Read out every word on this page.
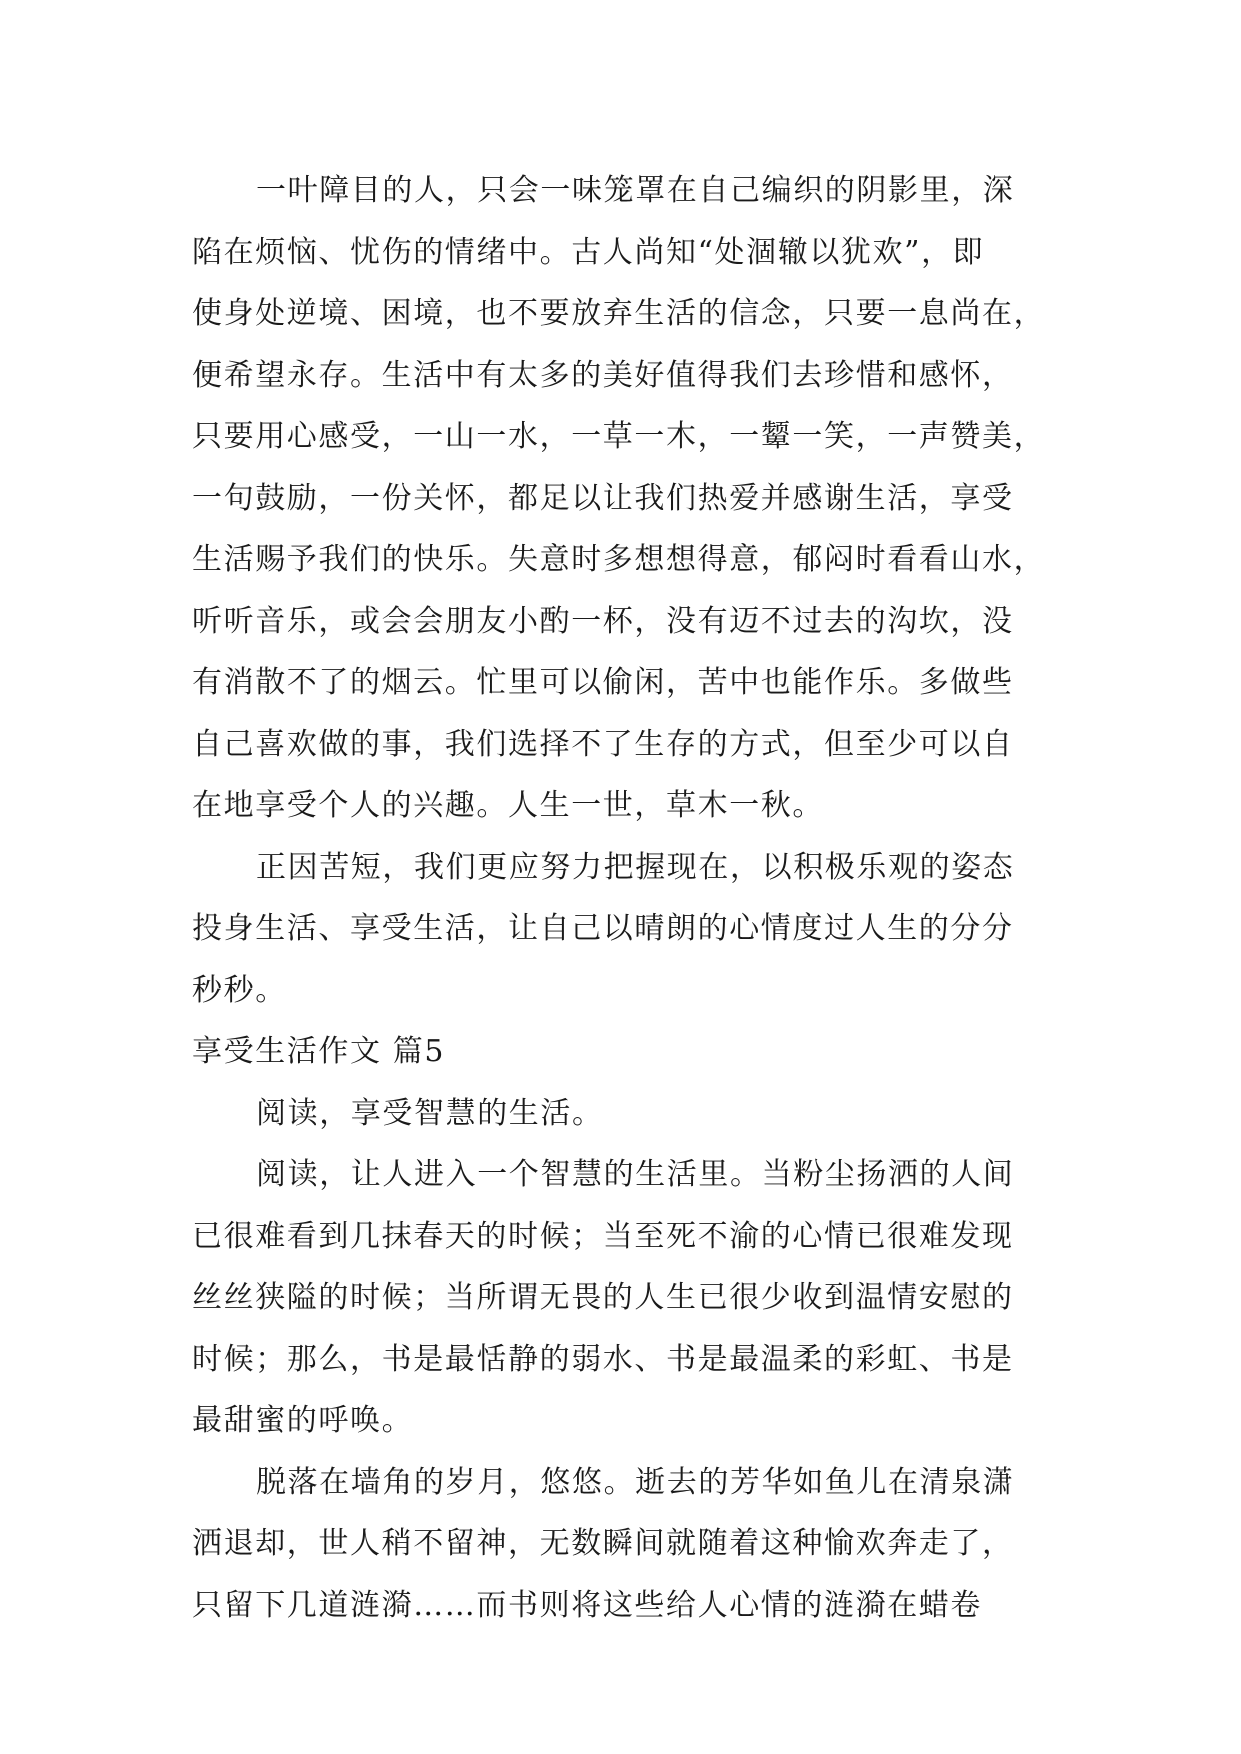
一叶障目的人，只会一味笼罩在自己编织的阴影里，深
陷在烦恼、忧伤的情绪中。古人尚知“处涸辙以犹欢”，即
使身处逆境、困境，也不要放弃生活的信念，只要一息尚在，
便希望永存。生活中有太多的美好值得我们去珍惜和感怀，
只要用心感受，一山一水，一草一木，一颦一笑，一声赞美，
一句鼓励，一份关怀，都足以让我们热爱并感谢生活，享受
生活赐予我们的快乐。失意时多想想得意，郁闷时看看山水，
听听音乐，或会会朋友小酌一杯，没有迈不过去的沟坎，没
有消散不了的烟云。忙里可以偷闲，苦中也能作乐。多做些
自己喜欢做的事，我们选择不了生存的方式，但至少可以自
在地享受个人的兴趣。人生一世，草木一秋。
正因苦短，我们更应努力把握现在，以积极乐观的姿态
投身生活、享受生活，让自己以晴朗的心情度过人生的分分
秒秒。
享受生活作文 篇5
阅读，享受智慧的生活。
阅读，让人进入一个智慧的生活里。当粉尘扬洒的人间
已很难看到几抹春天的时候；当至死不渝的心情已很难发现
丝丝狭隘的时候；当所谓无畏的人生已很少收到温情安慰的
时候；那么，书是最恬静的弱水、书是最温柔的彩虹、书是
最甜蜜的呼唤。
脱落在墙角的岁月，悠悠。逝去的芳华如鱼儿在清泉潇
洒退却，世人稍不留神，无数瞬间就随着这种愉欢奔走了，
只留下几道涟漪……而书则将这些给人心情的涟漪在蜡卷
